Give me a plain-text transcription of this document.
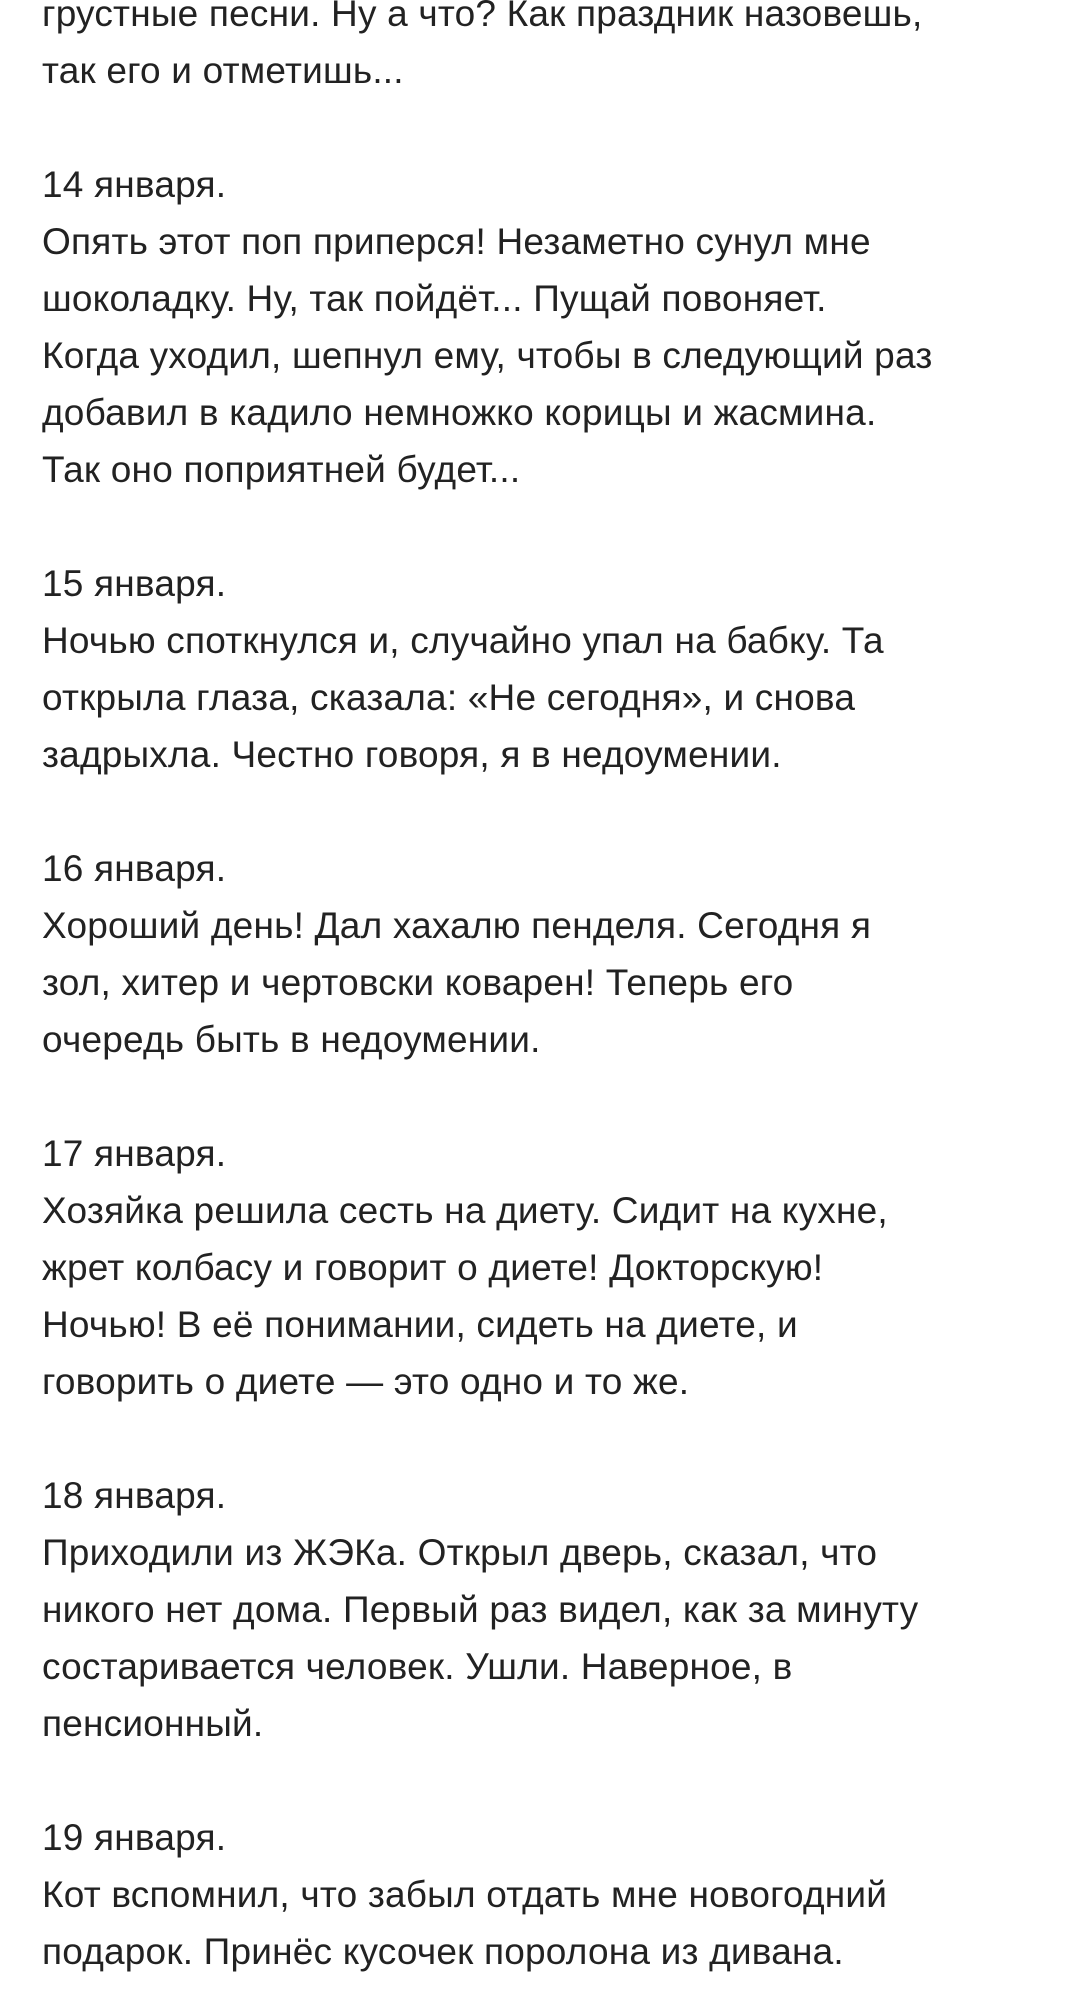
грустные песни. Ну а что? Как праздник назовешь,
так его и отметишь...
14 января.
Опять этот поп приперся! Незаметно сунул мне
шоколадку. Ну, так пойдёт... Пущай повоняет.
Когда уходил, шепнул ему, чтобы в следующий раз
добавил в кадило немножко корицы и жасмина.
Так оно поприятней будет...
15 января.
Ночью споткнулся и, случайно упал на бабку. Та
открыла глаза, сказала: «Не сегодня», и снова
задрыхла. Честно говоря, я в недоумении.
16 января.
Хороший день! Дал хахалю пенделя. Сегодня я
зол, хитер и чертовски коварен! Теперь его
очередь быть в недоумении.
17 января.
Хозяйка решила сесть на диету. Сидит на кухне,
жрет колбасу и говорит о диете! Докторскую!
Ночью! В её понимании, сидеть на диете, и
говорить о диете — это одно и то же.
18 января.
Приходили из ЖЭКа. Открыл дверь, сказал, что
никого нет дома. Первый раз видел, как за минуту
состаривается человек. Ушли. Наверное, в
пенсионный.
19 января.
Кот вспомнил, что забыл отдать мне новогодний
подарок. Принёс кусочек поролона из дивана.
